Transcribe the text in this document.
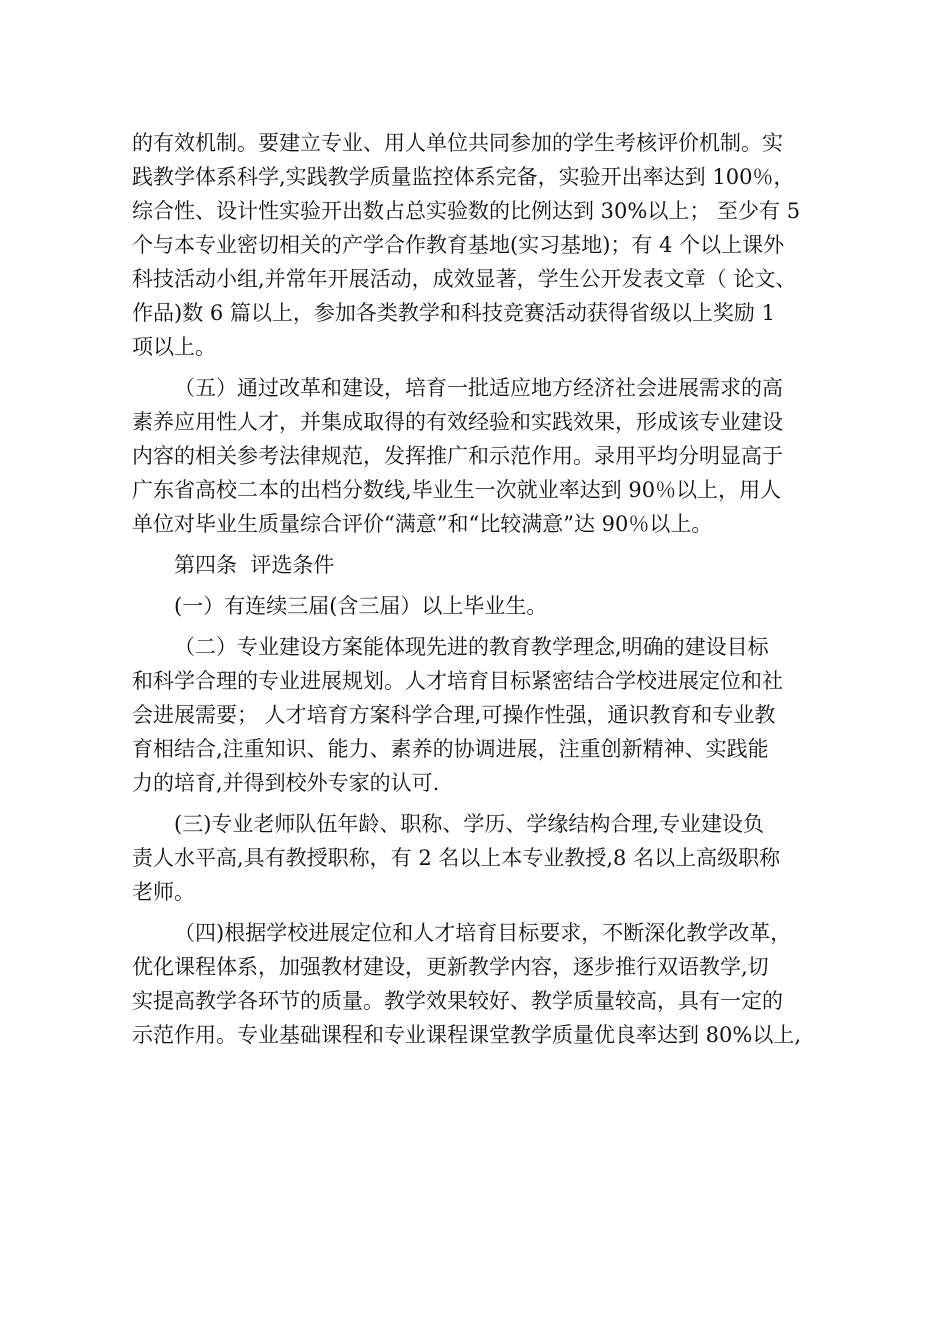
的有效机制。要建立专业、用人单位共同参加的学生考核评价机制。实
践教学体系科学,实践教学质量监控体系完备，实验开出率达到 100％，
综合性、设计性实验开出数占总实验数的比例达到 30%以上； 至少有 5
个与本专业密切相关的产学合作教育基地(实习基地)；有 4 个以上课外
科技活动小组,并常年开展活动，成效显著，学生公开发表文章（ 论文、
作品)数 6 篇以上，参加各类教学和科技竞赛活动获得省级以上奖励 1
项以上。
（五）通过改革和建设，培育一批适应地方经济社会进展需求的高
素养应用性人才，并集成取得的有效经验和实践效果，形成该专业建设
内容的相关参考法律规范，发挥推广和示范作用。录用平均分明显高于
广东省高校二本的出档分数线,毕业生一次就业率达到 90％以上，用人
单位对毕业生质量综合评价“满意”和“比较满意”达 90％以上。
第四条  评选条件
(一）有连续三届(含三届）以上毕业生。
（二）专业建设方案能体现先进的教育教学理念,明确的建设目标
和科学合理的专业进展规划。人才培育目标紧密结合学校进展定位和社
会进展需要； 人才培育方案科学合理,可操作性强，通识教育和专业教
育相结合,注重知识、能力、素养的协调进展，注重创新精神、实践能
力的培育,并得到校外专家的认可.
(三)专业老师队伍年龄、职称、学历、学缘结构合理,专业建设负
责人水平高,具有教授职称，有 2 名以上本专业教授,8 名以上高级职称
老师。
（四)根据学校进展定位和人才培育目标要求，不断深化教学改革，
优化课程体系，加强教材建设，更新教学内容，逐步推行双语教学,切
实提高教学各环节的质量。教学效果较好、教学质量较高，具有一定的
示范作用。专业基础课程和专业课程课堂教学质量优良率达到 80%以上,
